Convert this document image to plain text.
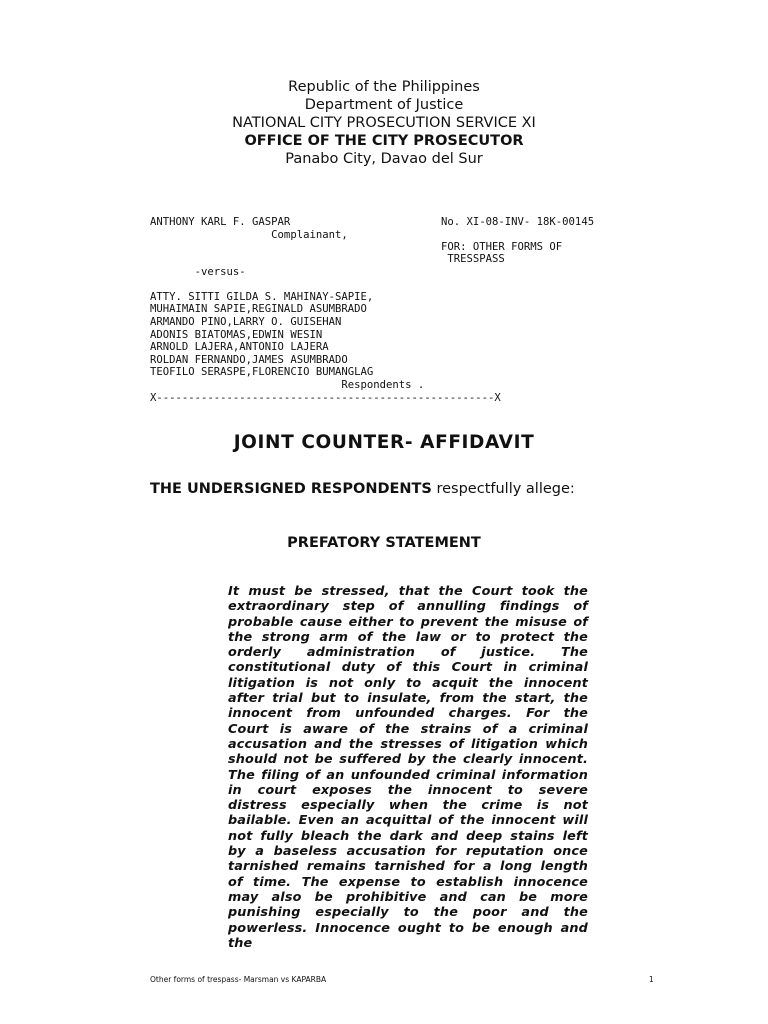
Republic of the Philippines
Department of Justice
NATIONAL CITY PROSECUTION SERVICE XI
OFFICE OF THE CITY PROSECUTOR
Panabo City, Davao del Sur
ANTHONY KARL F. GASPAR
Complainant,
-versus-
ATTY. SITTI GILDA S. MAHINAY-SAPIE,
MUHAIMAIN SAPIE,REGINALD ASUMBRADO
ARMANDO PINO,LARRY O. GUISEHAN
ADONIS BIATOMAS,EDWIN WESIN
ARNOLD LAJERA,ANTONIO LAJERA
ROLDAN FERNANDO,JAMES ASUMBRADO
TEOFILO SERASPE,FLORENCIO BUMANGLAG
Respondents .
X-----------------------------------------------------X
No. XI-08-INV- 18K-00145
FOR: OTHER FORMS OF
TRESSPASS
JOINT COUNTER- AFFIDAVIT
THE UNDERSIGNED RESPONDENTS respectfully allege:
PREFATORY STATEMENT
It must be stressed, that the Court took the extraordinary step of annulling findings of probable cause either to prevent the misuse of the strong arm of the law or to protect the orderly administration of justice. The constitutional duty of this Court in criminal litigation is not only to acquit the innocent after trial but to insulate, from the start, the innocent from unfounded charges. For the Court is aware of the strains of a criminal accusation and the stresses of litigation which should not be suffered by the clearly innocent. The filing of an unfounded criminal information in court exposes the innocent to severe distress especially when the crime is not bailable. Even an acquittal of the innocent will not fully bleach the dark and deep stains left by a baseless accusation for reputation once tarnished remains tarnished for a long length of time. The expense to establish innocence may also be prohibitive and can be more punishing especially to the poor and the powerless. Innocence ought to be enough and the
Other forms of trespass- Marsman vs KAPARBA	1
